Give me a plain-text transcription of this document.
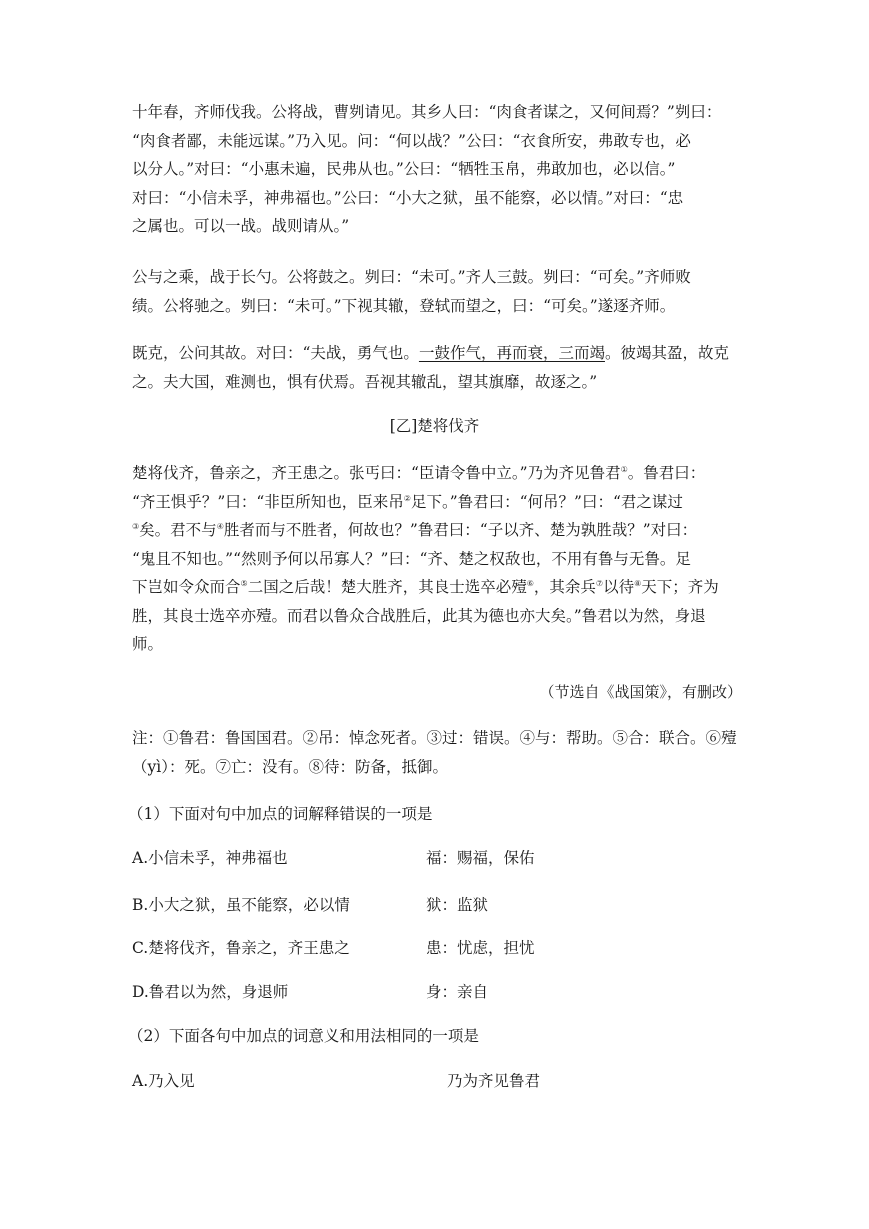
十年春，齐师伐我。公将战，曹刿请见。其乡人曰：“肉食者谋之，又何间焉？”刿曰：
“肉食者鄙，未能远谋。”乃入见。问：“何以战？”公曰：“衣食所安，弗敢专也，必
以分人。”对曰：“小惠未遍，民弗从也。”公曰：“牺牲玉帛，弗敢加也，必以信。”
对曰：“小信未孚，神弗福也。”公曰：“小大之狱，虽不能察，必以情。”对曰：“忠
之属也。可以一战。战则请从。”

公与之乘，战于长勺。公将鼓之。刿曰：“未可。”齐人三鼓。刿曰：“可矣。”齐师败
绩。公将驰之。刿曰：“未可。”下视其辙，登轼而望之，曰：“可矣。”遂逐齐师。

既克，公问其故。对曰：“夫战，勇气也。一鼓作气，再而衰，三而竭。彼竭其盈，故克
之。夫大国，难测也，惧有伏焉。吾视其辙乱，望其旗靡，故逐之。”

[乙]楚将伐齐

楚将伐齐，鲁亲之，齐王患之。张丐曰：“臣请令鲁中立。”乃为齐见鲁君①。鲁君曰：
“齐王惧乎？”曰：“非臣所知也，臣来吊②足下。”鲁君曰：“何吊？”曰：“君之谋过
③矣。君不与④胜者而与不胜者，何故也？”鲁君曰：“子以齐、楚为孰胜哉？”对曰：
“鬼且不知也。”“然则予何以吊寡人？”曰：“齐、楚之权敌也，不用有鲁与无鲁。足
下岂如令众而合⑤二国之后哉！楚大胜齐，其良士选卒必殪⑥，其余兵⑦以待⑧天下；齐为
胜，其良士选卒亦殪。而君以鲁众合战胜后，此其为德也亦大矣。”鲁君以为然，身退
师。

（节选自《战国策》，有删改）

注：①鲁君：鲁国国君。②吊：悼念死者。③过：错误。④与：帮助。⑤合：联合。⑥殪
（yì）：死。⑦亡：没有。⑧待：防备，抵御。

（1）下面对句中加点的词解释错误的一项是
A.小信未孚，神弗福也	福：赐福，保佑
B.小大之狱，虽不能察，必以情	狱：监狱
C.楚将伐齐，鲁亲之，齐王患之	患：忧虑，担忧
D.鲁君以为然，身退师	身：亲自
（2）下面各句中加点的词意义和用法相同的一项是
A.乃入见	乃为齐见鲁君
